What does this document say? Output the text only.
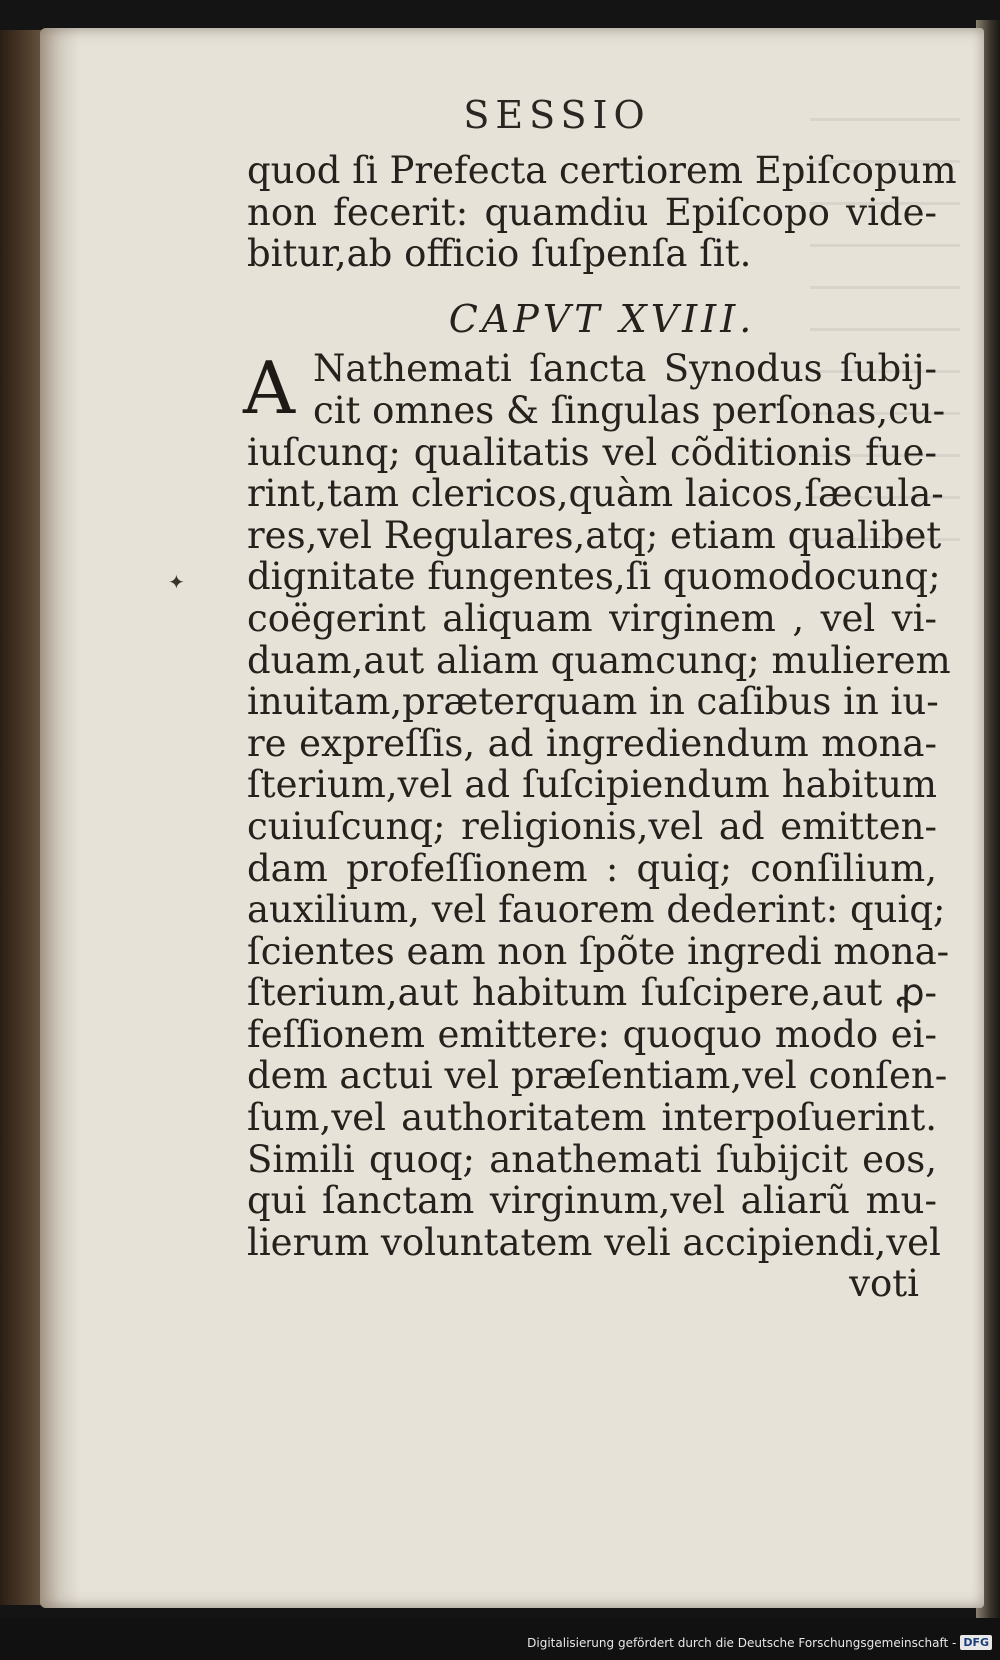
SESSIO
quod ſi Prefecta certiorem Epiſcopum
non fecerit: quamdiu Epiſcopo vide-
bitur,ab officio ſuſpenſa ſit.
CAPVT XVIII.
A Nathemati ſancta Synodus ſubij-
cit omnes & ſingulas perſonas,cu-
iuſcunq; qualitatis vel cõditionis fue-
rint,tam clericos,quàm laicos,ſæcula-
res,vel Regulares,atq; etiam qualibet
dignitate fungentes,ſi quomodocunq;
coëgerint aliquam virginem , vel vi-
duam,aut aliam quamcunq; mulierem
inuitam,præterquam in caſibus in iu-
re expreſſis, ad ingrediendum mona-
ſterium,vel ad ſuſcipiendum habitum
cuiuſcunq; religionis,vel ad emitten-
dam profeſſionem : quiq; conſilium,
auxilium, vel fauorem dederint: quiq;
ſcientes eam non ſpõte ingredi mona-
ſterium,aut habitum ſuſcipere,aut ꝓ-
feſſionem emittere: quoquo modo ei-
dem actui vel præſentiam,vel conſen-
ſum,vel authoritatem interpoſuerint.
Simili quoq; anathemati ſubijcit eos,
qui ſanctam virginum,vel aliarũ mu-
lierum voluntatem veli accipiendi,vel
voti
✦
Digitalisierung gefördert durch die Deutsche Forschungsgemeinschaft - DFG
